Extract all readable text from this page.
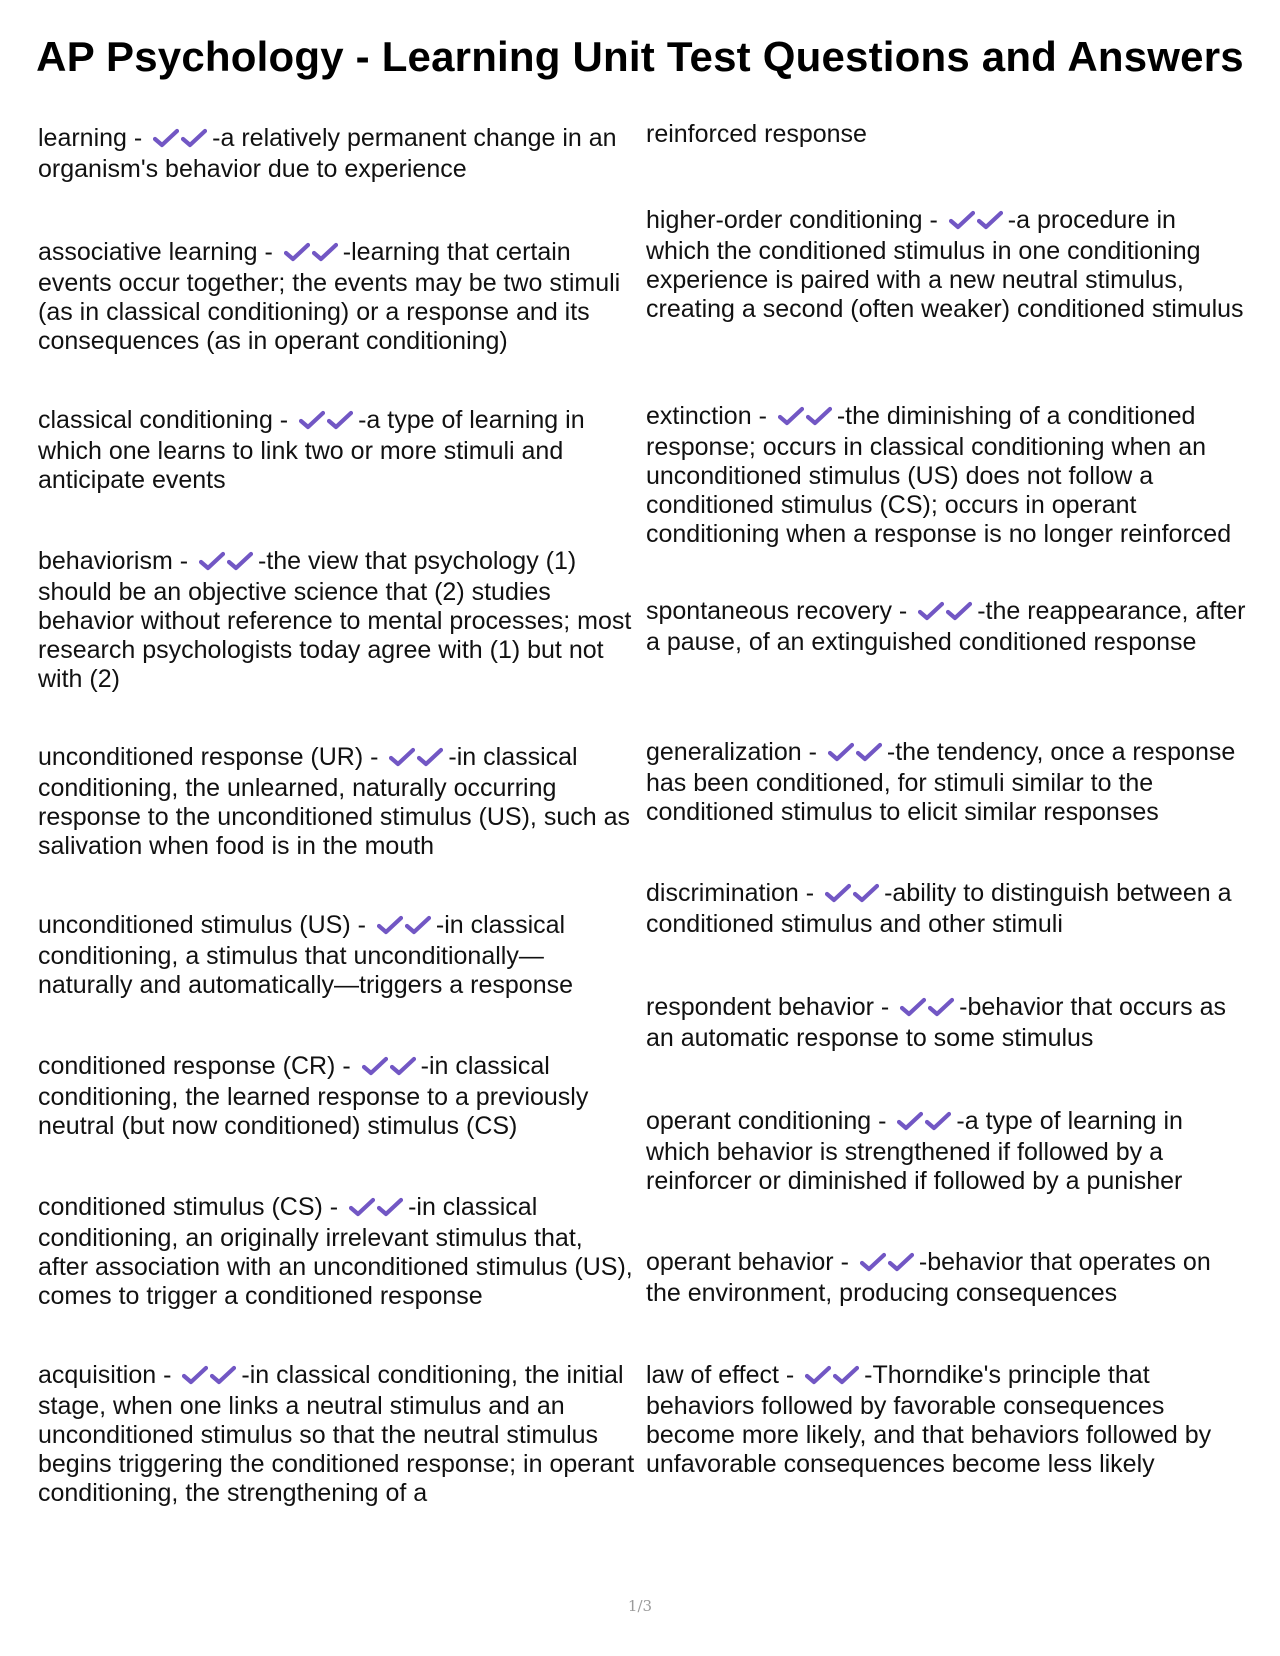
AP Psychology - Learning Unit Test Questions and Answers

learning -	-a relatively permanent change in an organism's behavior due to experience

associative learning -	-learning that certain events occur together; the events may be two stimuli (as in classical conditioning) or a response and its consequences (as in operant conditioning)

classical conditioning -	-a type of learning in which one learns to link two or more stimuli and anticipate events

behaviorism -	-the view that psychology (1) should be an objective science that (2) studies behavior without reference to mental processes; most research psychologists today agree with (1) but not with (2)

unconditioned response (UR) -	-in classical conditioning, the unlearned, naturally occurring response to the unconditioned stimulus (US), such as salivation when food is in the mouth

unconditioned stimulus (US) -	-in classical conditioning, a stimulus that unconditionally—naturally and automatically—triggers a response

conditioned response (CR) -	-in classical conditioning, the learned response to a previously neutral (but now conditioned) stimulus (CS)

conditioned stimulus (CS) -	-in classical conditioning, an originally irrelevant stimulus that, after association with an unconditioned stimulus (US), comes to trigger a conditioned response

acquisition -	-in classical conditioning, the initial stage, when one links a neutral stimulus and an unconditioned stimulus so that the neutral stimulus begins triggering the conditioned response; in operant conditioning, the strengthening of a

reinforced response

higher-order conditioning -	-a procedure in which the conditioned stimulus in one conditioning experience is paired with a new neutral stimulus, creating a second (often weaker) conditioned stimulus

extinction -	-the diminishing of a conditioned response; occurs in classical conditioning when an unconditioned stimulus (US) does not follow a conditioned stimulus (CS); occurs in operant conditioning when a response is no longer reinforced

spontaneous recovery -	-the reappearance, after a pause, of an extinguished conditioned response

generalization -	-the tendency, once a response has been conditioned, for stimuli similar to the conditioned stimulus to elicit similar responses

discrimination -	-ability to distinguish between a conditioned stimulus and other stimuli

respondent behavior -	-behavior that occurs as an automatic response to some stimulus

operant conditioning -	-a type of learning in which behavior is strengthened if followed by a reinforcer or diminished if followed by a punisher

operant behavior -	-behavior that operates on the environment, producing consequences

law of effect -	-Thorndike's principle that behaviors followed by favorable consequences become more likely, and that behaviors followed by unfavorable consequences become less likely

1/3
